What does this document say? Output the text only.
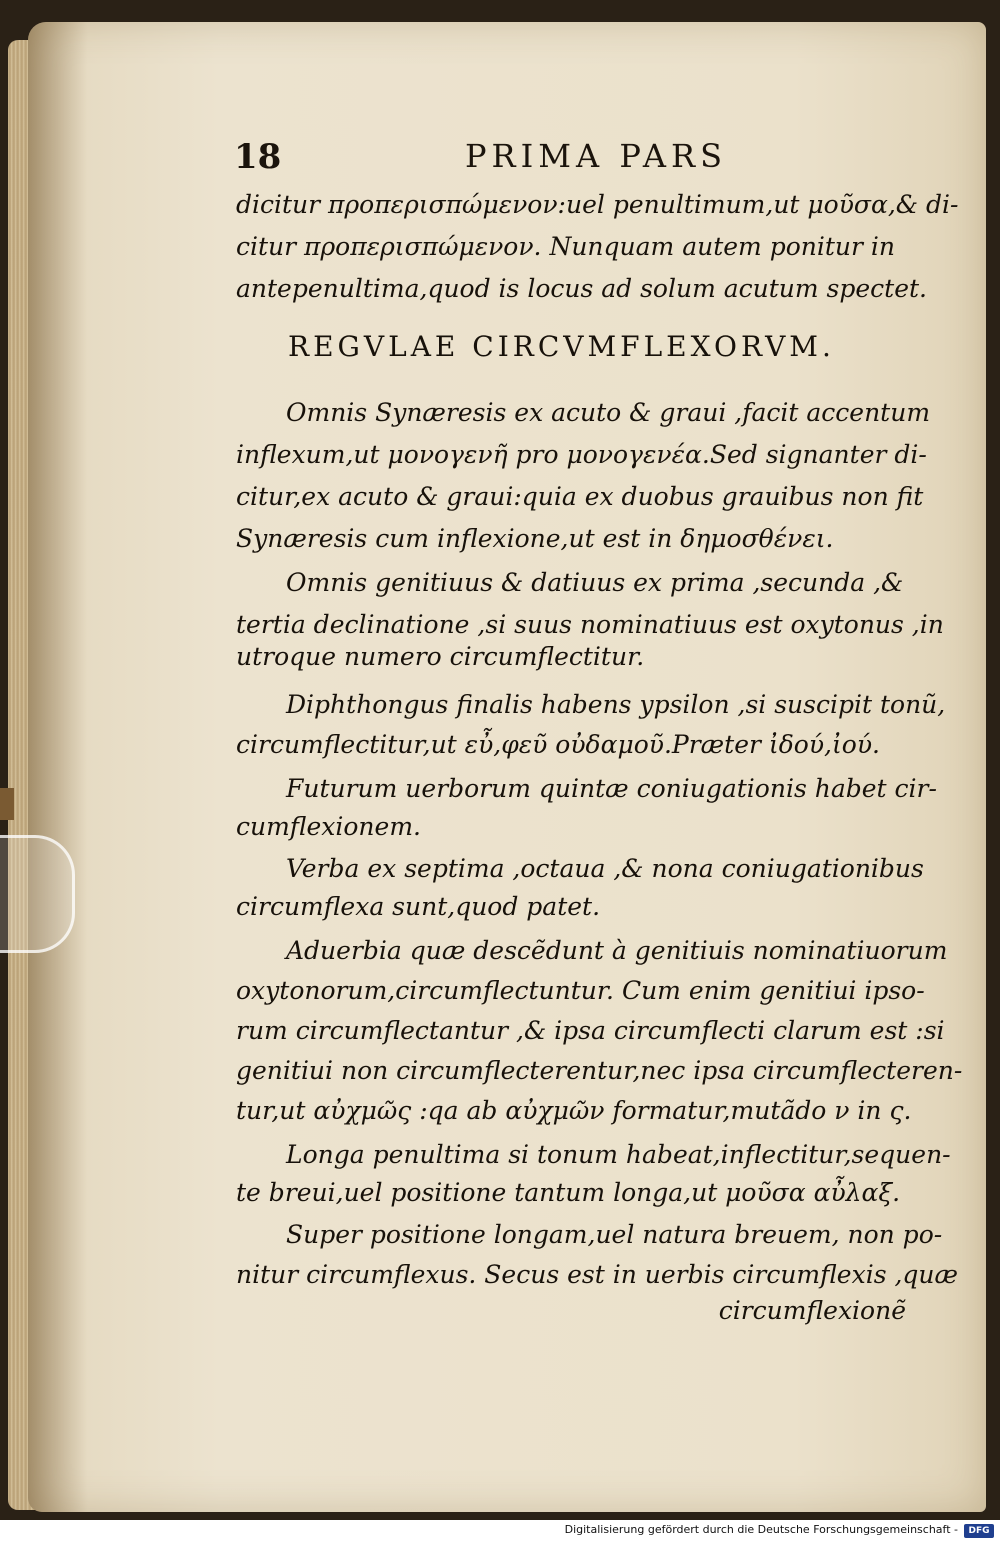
18	PRIMA PARS
dicitur προπερισπώμενον:uel penultimum,ut μοῦσα,& di-
citur προπερισπώμενον. Nunquam autem ponitur in
antepenultima,quod is locus ad solum acutum spectet.
REGVLAE CIRCVMFLEXORVM.
Omnis Synæresis ex acuto & graui ,facit accentum
inflexum,ut μονογενῆ pro μονογενέα.Sed signanter di-
citur,ex acuto & graui:quia ex duobus grauibus non fit
Synæresis cum inflexione,ut est in δημοσθένει.
Omnis genitiuus & datiuus ex prima ,secunda ,&
tertia declinatione ,si suus nominatiuus est oxytonus ,in
utroque numero circumflectitur.
Diphthongus finalis habens ypsilon ,si suscipit tonũ,
circumflectitur,ut εὖ,φεῦ οὐδαμοῦ.Præter ἰδού,ἰού.
Futurum uerborum quintæ coniugationis habet cir-
cumflexionem.
Verba ex septima ,octaua ,& nona coniugationibus
circumflexa sunt,quod patet.
Aduerbia quæ descẽdunt à genitiuis nominatiuorum
oxytonorum,circumflectuntur. Cum enim genitiui ipso-
rum circumflectantur ,& ipsa circumflecti clarum est :si
genitiui non circumflecterentur,nec ipsa circumflecteren-
tur,ut αὐχμῶς :qa ab αὐχμῶν formatur,mutãdo ν in ς.
Longa penultima si tonum habeat,inflectitur,sequen-
te breui,uel positione tantum longa,ut μοῦσα αὖλαξ.
Super positione longam,uel natura breuem, non po-
nitur circumflexus. Secus est in uerbis circumflexis ,quæ
circumflexionẽ
Digitalisierung gefördert durch die Deutsche Forschungsgemeinschaft -	DFG
